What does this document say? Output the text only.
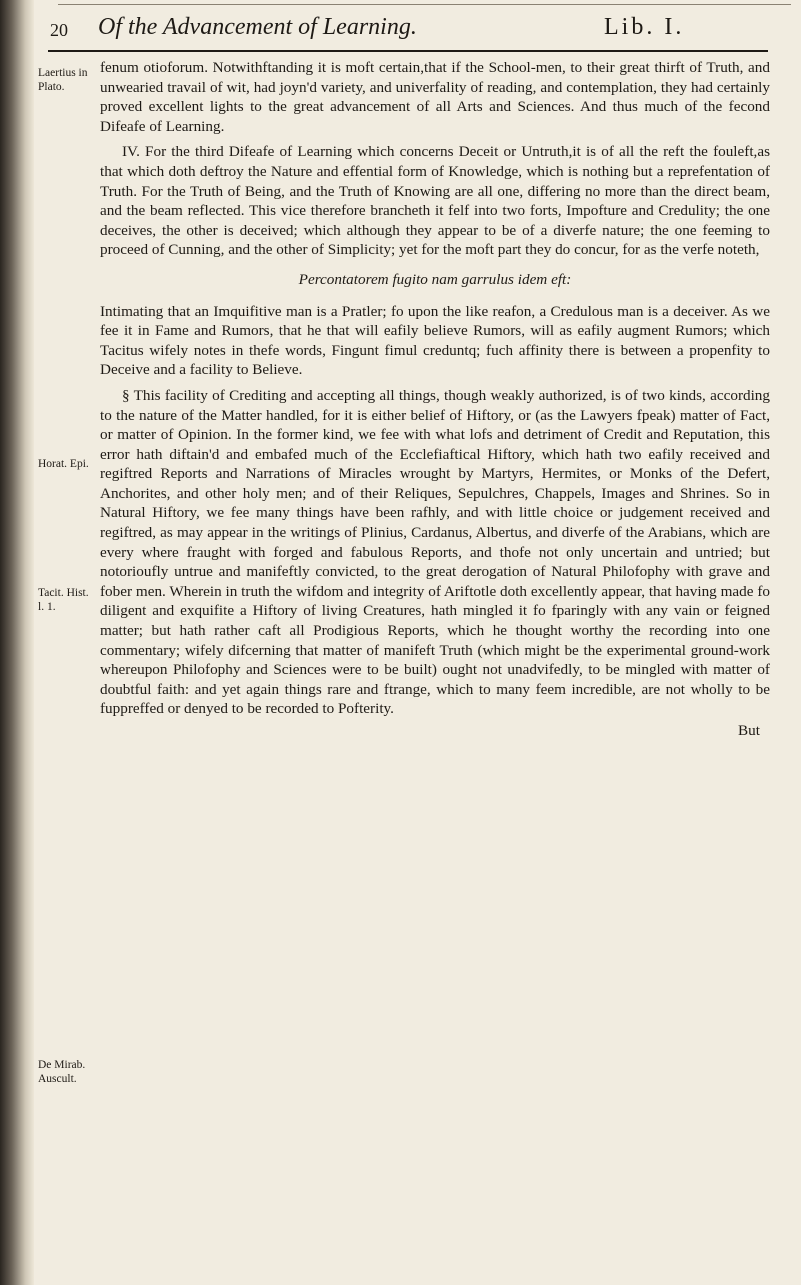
20 Of the Advancement of Learning.	Lib. I.
Laertius in Plato.
Horat. Epi.
Tacit. Hist. l. 1.
De Mirab. Auscult.

fenum otioforum. Notwithftanding it is moft certain,that if the School-men, to their great thirft of Truth, and unwearied travail of wit, had joyn'd variety, and univerfality of reading, and contemplation, they had certainly proved excellent lights to the great advancement of all Arts and Sciences. And thus much of the fecond Difeafe of Learning.

IV. For the third Difeafe of Learning which concerns Deceit or Untruth,it is of all the reft the fouleft,as that which doth deftroy the Nature and effential form of Knowledge, which is nothing but a reprefentation of Truth. For the Truth of Being, and the Truth of Knowing are all one, differing no more than the direct beam, and the beam reflected. This vice therefore brancheth it felf into two forts, Impofture and Credulity; the one deceives, the other is deceived; which although they appear to be of a diverfe nature; the one feeming to proceed of Cunning, and the other of Simplicity; yet for the moft part they do concur, for as the verfe noteth,

Percontatorem fugito nam garrulus idem eft:

Intimating that an Imquifitive man is a Pratler; fo upon the like reafon, a Credulous man is a deceiver. As we fee it in Fame and Rumors, that he that will eafily believe Rumors, will as eafily augment Rumors; which Tacitus wifely notes in thefe words, Fingunt fimul creduntq; fuch affinity there is between a propenfity to Deceive and a facility to Believe.

§ This facility of Crediting and accepting all things, though weakly authorized, is of two kinds, according to the nature of the Matter handled, for it is either belief of Hiftory, or (as the Lawyers fpeak) matter of Fact, or matter of Opinion. In the former kind, we fee with what lofs and detriment of Credit and Reputation, this error hath diftain'd and embafed much of the Ecclefiaftical Hiftory, which hath two eafily received and regiftred Reports and Narrations of Miracles wrought by Martyrs, Hermites, or Monks of the Defert, Anchorites, and other holy men; and of their Reliques, Sepulchres, Chappels, Images and Shrines. So in Natural Hiftory, we fee many things have been rafhly, and with little choice or judgement received and regiftred, as may appear in the writings of Plinius, Cardanus, Albertus, and diverfe of the Arabians, which are every where fraught with forged and fabulous Reports, and thofe not only uncertain and untried; but notorioufly untrue and manifeftly convicted, to the great derogation of Natural Philofophy with grave and fober men. Wherein in truth the wifdom and integrity of Ariftotle doth excellently appear, that having made fo diligent and exquifite a Hiftory of living Creatures, hath mingled it fo fparingly with any vain or feigned matter; but hath rather caft all Prodigious Reports, which he thought worthy the recording into one commentary; wifely difcerning that matter of manifeft Truth (which might be the experimental ground-work whereupon Philofophy and Sciences were to be built) ought not unadvifedly, to be mingled with matter of doubtful faith: and yet again things rare and ftrange, which to many feem incredible, are not wholly to be fuppreffed or denyed to be recorded to Pofterity.

But
